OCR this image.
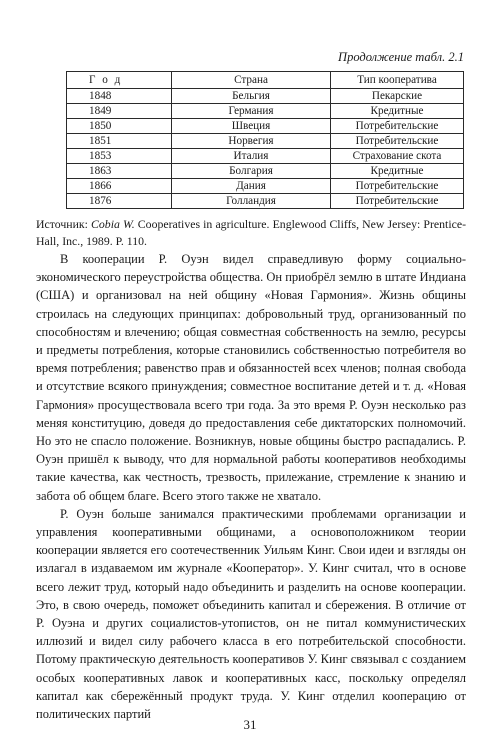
Продолжение табл. 2.1
Г о д	Страна	Тип кооператива
1848	Бельгия	Пекарские
1849	Германия	Кредитные
1850	Швеция	Потребительские
1851	Норвегия	Потребительские
1853	Италия	Страхование скота
1863	Болгария	Кредитные
1866	Дания	Потребительские
1876	Голландия	Потребительские
Источник: Cobia W. Cooperatives in agriculture. Englewood Cliffs, New Jersey: Prentice-Hall, Inc., 1989. P. 110.

В кооперации Р. Оуэн видел справедливую форму социально-экономического переустройства общества. Он приобрёл землю в штате Индиана (США) и организовал на ней общину «Новая Гармония». Жизнь общины строилась на следующих принципах: добровольный труд, организованный по способностям и влечению; общая совместная собственность на землю, ресурсы и предметы потребления, которые становились собственностью потребителя во время потребления; равенство прав и обязанностей всех членов; полная свобода и отсутствие всякого принуждения; совместное воспитание детей и т. д. «Новая Гармония» просуществовала всего три года. За это время Р. Оуэн несколько раз меняя конституцию, доведя до предоставления себе диктаторских полномочий. Но это не спасло положение. Возникнув, новые общины быстро распадались. Р. Оуэн пришёл к выводу, что для нормальной работы кооперативов необходимы такие качества, как честность, трезвость, прилежание, стремление к знанию и забота об общем благе. Всего этого также не хватало.

Р. Оуэн больше занимался практическими проблемами организации и управления кооперативными общинами, а основоположником теории кооперации является его соотечественник Уильям Кинг. Свои идеи и взгляды он излагал в издаваемом им журнале «Кооператор». У. Кинг считал, что в основе всего лежит труд, который надо объединить и разделить на основе кооперации. Это, в свою очередь, поможет объединить капитал и сбережения. В отличие от Р. Оуэна и других социалистов-утопистов, он не питал коммунистических иллюзий и видел силу рабочего класса в его потребительской способности. Потому практическую деятельность кооперативов У. Кинг связывал с созданием особых кооперативных лавок и кооперативных касс, поскольку определял капитал как сбережённый продукт труда. У. Кинг отделил кооперацию от политических партий

31
